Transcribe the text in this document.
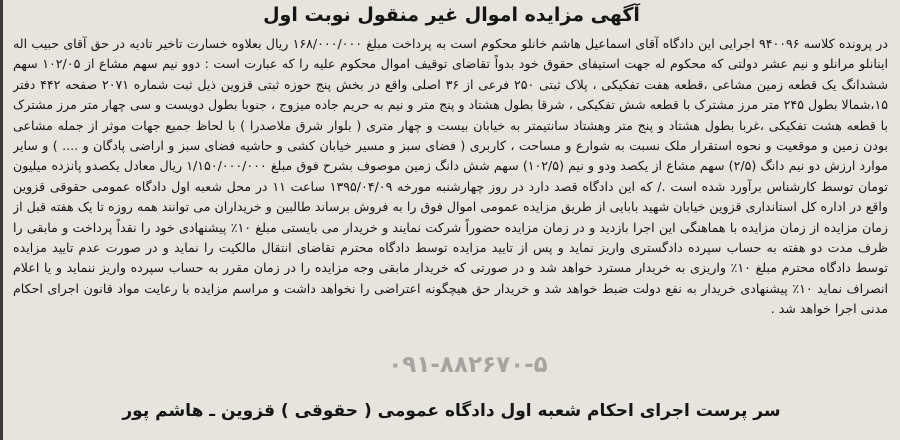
آگهی مزایده اموال غیر منقول نوبت اول

در پرونده کلاسه ۹۴۰۰۹۶ اجرایی این دادگاه آقای اسماعیل هاشم خانلو محکوم است به پرداخت مبلغ ۱۶۸/۰۰۰/۰۰۰ ریال بعلاوه خسارت تاخیر تادیه در حق آقای حبیب اله اینانلو مرانلو و نیم عشر دولتی که محکوم له جهت استیفای حقوق خود بدواً تقاضای توقیف اموال محکوم علیه را که عبارت است : دوو نیم سهم مشاع از ۱۰۲/۰۵ سهم ششدانگ یک قطعه زمین مشاعی ،قطعه هفت تفکیکی ، پلاک ثبتی ۲۵۰ فرعی از ۳۶ اصلی واقع در بخش پنج حوزه ثبتی قزوین ذیل ثبت شماره ۲۰۷۱ صفحه ۴۴۲ دفتر ۱۵،شمالا بطول ۲۴۵ متر مرز مشترک با قطعه شش تفکیکی ، شرقا بطول هشتاد و پنج متر و نیم به حریم جاده میزوج ، جنوبا بطول دویست و سی چهار متر مرز مشترک با قطعه هشت تفکیکی ،غربا بطول هشتاد و پنج متر وهشتاد سانتیمتر به خیابان بیست و چهار متری ( بلوار شرق ملاصدرا ) با لحاظ جمیع جهات موثر از جمله مشاعی بودن زمین و موقعیت و نحوه استقرار ملک نسبت به شوارع و مساحت ، کاربری ( فضای سبز و مسیر خیابان کشی و حاشیه فضای سبز و اراضی پادگان و .... ) و سایر موارد ارزش دو نیم دانگ (۲/۵) سهم مشاع از یکصد ودو و نیم (۱۰۲/۵) سهم شش دانگ زمین موصوف بشرح فوق مبلغ ۱/۱۵۰/۰۰۰/۰۰۰ ریال معادل یکصدو پانزده میلیون تومان توسط کارشناس برآورد شده است ./ که این دادگاه قصد دارد در روز چهارشنبه مورخه ۱۳۹۵/۰۴/۰۹ ساعت ۱۱ در محل شعبه اول دادگاه عمومی حقوقی قزوین واقع در اداره کل استانداری قزوین خیابان شهید بابایی از طریق مزایده عمومی اموال فوق را به فروش برساند طالبین و خریداران می توانند همه روزه تا یک هفته قبل از زمان مزایده از زمان مزایده با هماهنگی این اجرا بازدید و در زمان مزایده حضوراً شرکت نمایند و خریدار می بایستی مبلغ ۱۰٪ پیشنهادی خود را نقداً پرداخت و مابقی را ظرف مدت دو هفته به حساب سپرده دادگستری واریز نماید و پس از تایید مزایده توسط دادگاه محترم تقاضای انتقال مالکیت را نماید و در صورت عدم تایید مزایده توسط دادگاه محترم مبلغ ۱۰٪ واریزی به خریدار مسترد خواهد شد و در صورتی که خریدار مابقی وجه مزایده را در زمان مقرر به حساب سپرده واریز ننماید و یا اعلام انصراف نماید ۱۰٪ پیشنهادی خریدار به نفع دولت ضبط خواهد شد و خریدار حق هیچگونه اعتراضی را نخواهد داشت و مراسم مزایده با رعایت مواد قانون اجرای احکام مدنی اجرا خواهد شد .

۰۹۱-۸۸۲۶۷۰-۵
سر پرست اجرای احکام شعبه اول دادگاه عمومی ( حقوقی ) قزوین ـ هاشم پور
